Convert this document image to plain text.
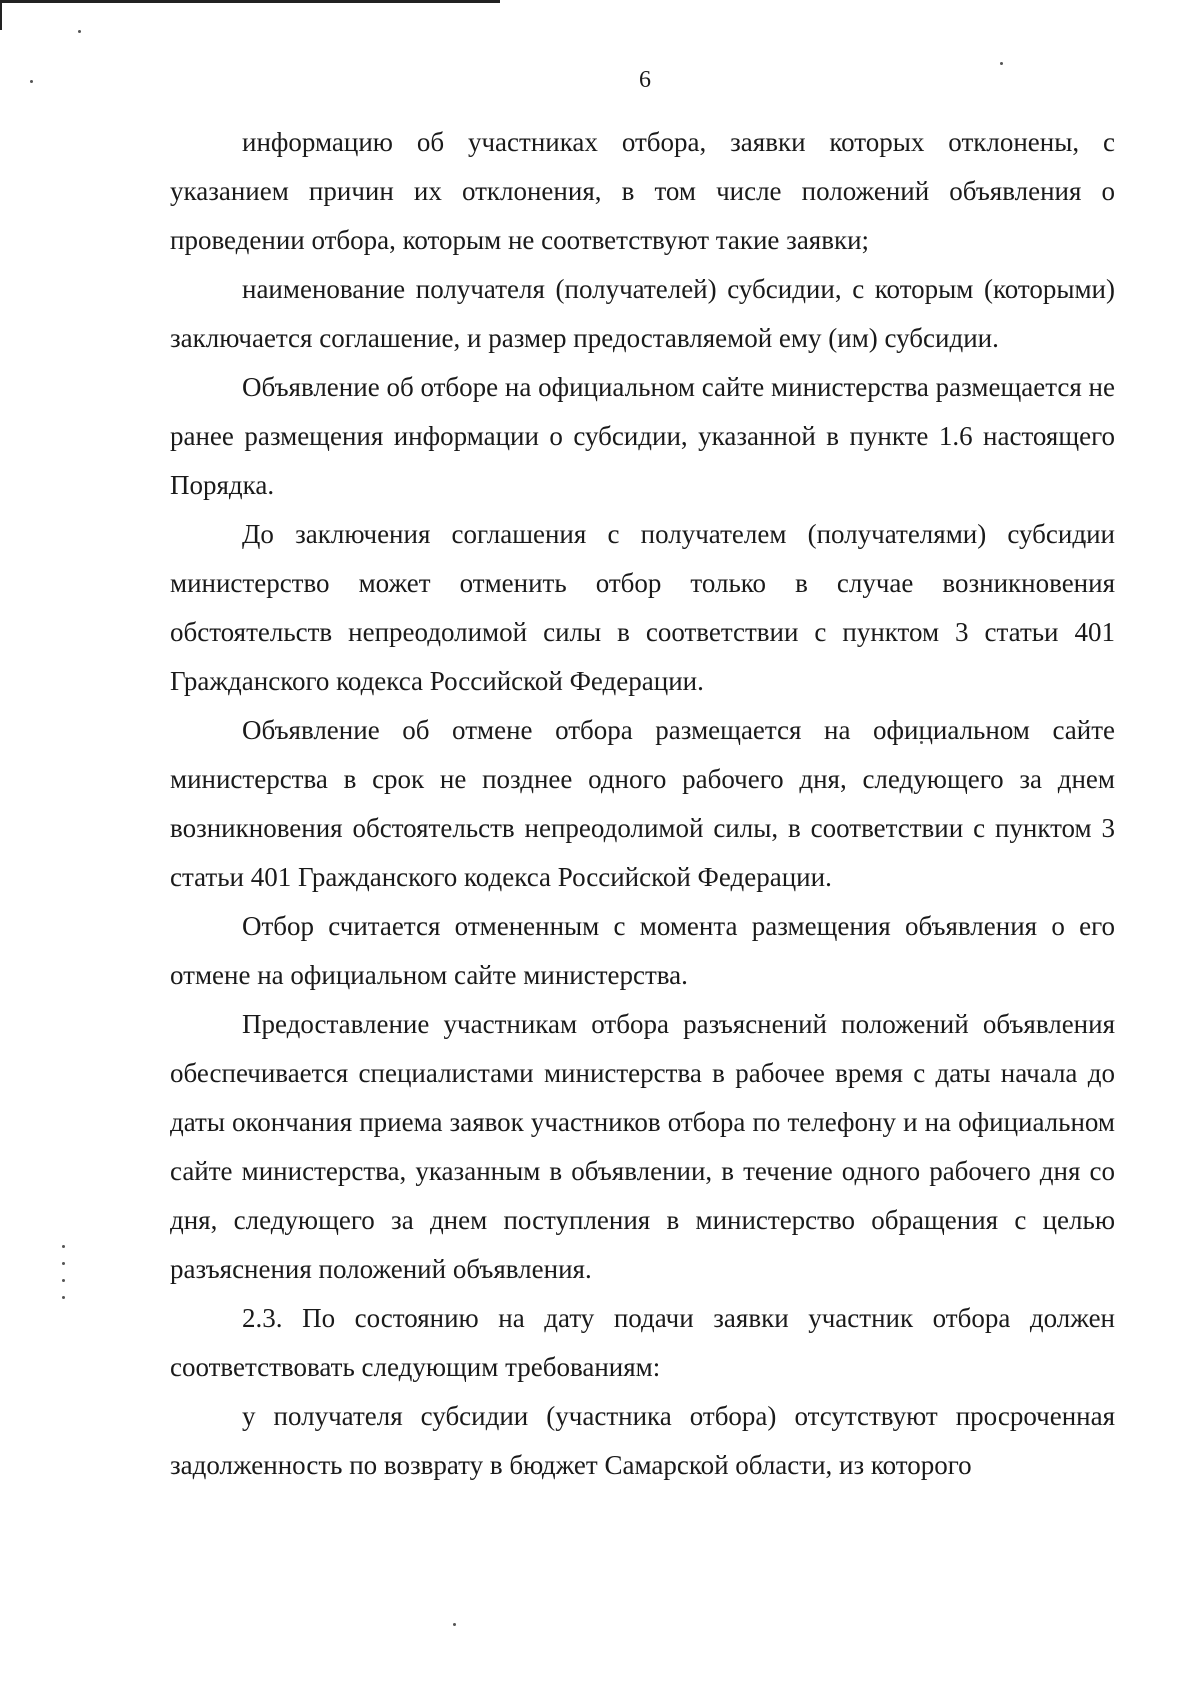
6

информацию об участниках отбора, заявки которых отклонены, с указанием причин их отклонения, в том числе положений объявления о проведении отбора, которым не соответствуют такие заявки;

наименование получателя (получателей) субсидии, с которым (которыми) заключается соглашение, и размер предоставляемой ему (им) субсидии.

Объявление об отборе на официальном сайте министерства размещается не ранее размещения информации о субсидии, указанной в пункте 1.6 настоящего Порядка.

До заключения соглашения с получателем (получателями) субсидии министерство может отменить отбор только в случае возникновения обстоятельств непреодолимой силы в соответствии с пунктом 3 статьи 401 Гражданского кодекса Российской Федерации.

Объявление об отмене отбора размещается на официальном сайте министерства в срок не позднее одного рабочего дня, следующего за днем возникновения обстоятельств непреодолимой силы, в соответствии с пунктом 3 статьи 401 Гражданского кодекса Российской Федерации.

Отбор считается отмененным с момента размещения объявления о его отмене на официальном сайте министерства.

Предоставление участникам отбора разъяснений положений объявления обеспечивается специалистами министерства в рабочее время с даты начала до даты окончания приема заявок участников отбора по телефону и на официальном сайте министерства, указанным в объявлении, в течение одного рабочего дня со дня, следующего за днем поступления в министерство обращения с целью разъяснения положений объявления.

2.3. По состоянию на дату подачи заявки участник отбора должен соответствовать следующим требованиям:

у получателя субсидии (участника отбора) отсутствуют просроченная задолженность по возврату в бюджет Самарской области, из которого
